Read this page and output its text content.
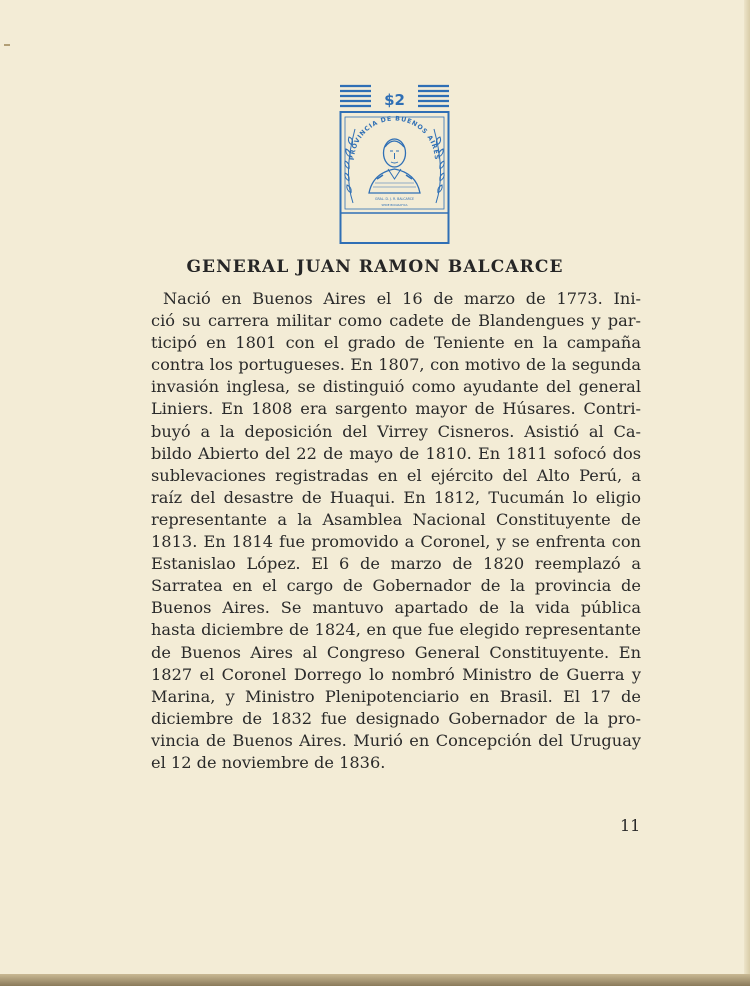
$2
PROVINCIA DE BUENOS AIRES
GRAL. D. J. R. BALCARCE
SERIE BIOGRAFICA
GENERAL JUAN RAMON BALCARCE

Nació en Buenos Aires el 16 de marzo de 1773. Ini-
ció su carrera militar como cadete de Blandengues y par-
ticipó en 1801 con el grado de Teniente en la campaña
contra los portugueses. En 1807, con motivo de la segunda
invasión inglesa, se distinguió como ayudante del general
Liniers. En 1808 era sargento mayor de Húsares. Contri-
buyó a la deposición del Virrey Cisneros. Asistió al Ca-
bildo Abierto del 22 de mayo de 1810. En 1811 sofocó dos
sublevaciones registradas en el ejército del Alto Perú, a
raíz del desastre de Huaqui. En 1812, Tucumán lo eligio
representante a la Asamblea Nacional Constituyente de
1813. En 1814 fue promovido a Coronel, y se enfrenta con
Estanislao López. El 6 de marzo de 1820 reemplazó a
Sarratea en el cargo de Gobernador de la provincia de
Buenos Aires. Se mantuvo apartado de la vida pública
hasta diciembre de 1824, en que fue elegido representante
de Buenos Aires al Congreso General Constituyente. En
1827 el Coronel Dorrego lo nombró Ministro de Guerra y
Marina, y Ministro Plenipotenciario en Brasil. El 17 de
diciembre de 1832 fue designado Gobernador de la pro-
vincia de Buenos Aires. Murió en Concepción del Uruguay
el 12 de noviembre de 1836.

11
